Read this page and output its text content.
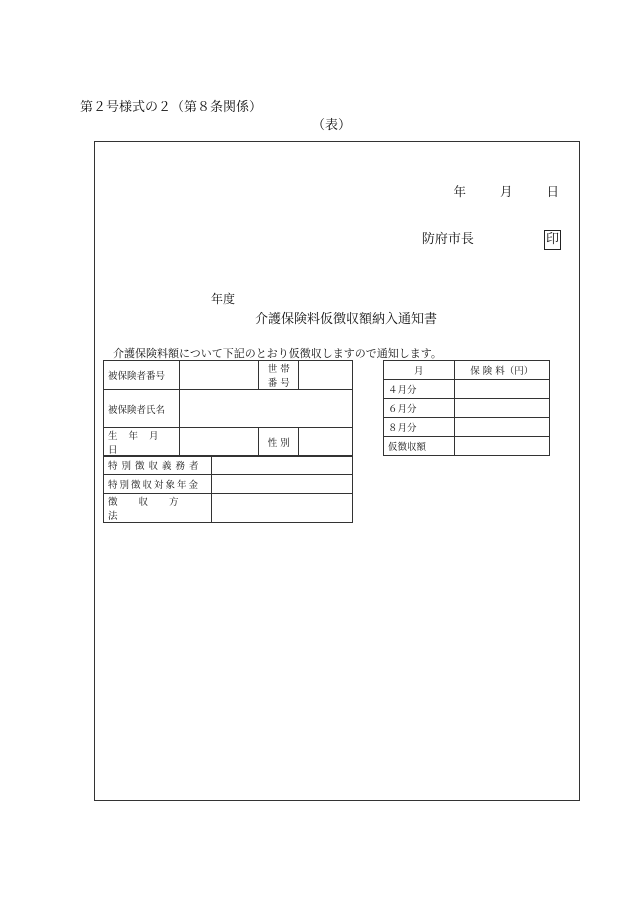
第２号様式の２（第８条関係）
（表）
年	月	日
防府市長	印
年度
介護保険料仮徴収額納入通知書
介護保険料額について下記のとおり仮徴収しますので通知します。
被保険者番号		世 帯 番 号	
被保険者氏名			
生 年 月 日		性 別	
特別徴収義務者	
特別徴収対象年金	
徴 収 方 法	
月	保 険 料（円）
４月分	
６月分	
８月分	
仮徴収額	
